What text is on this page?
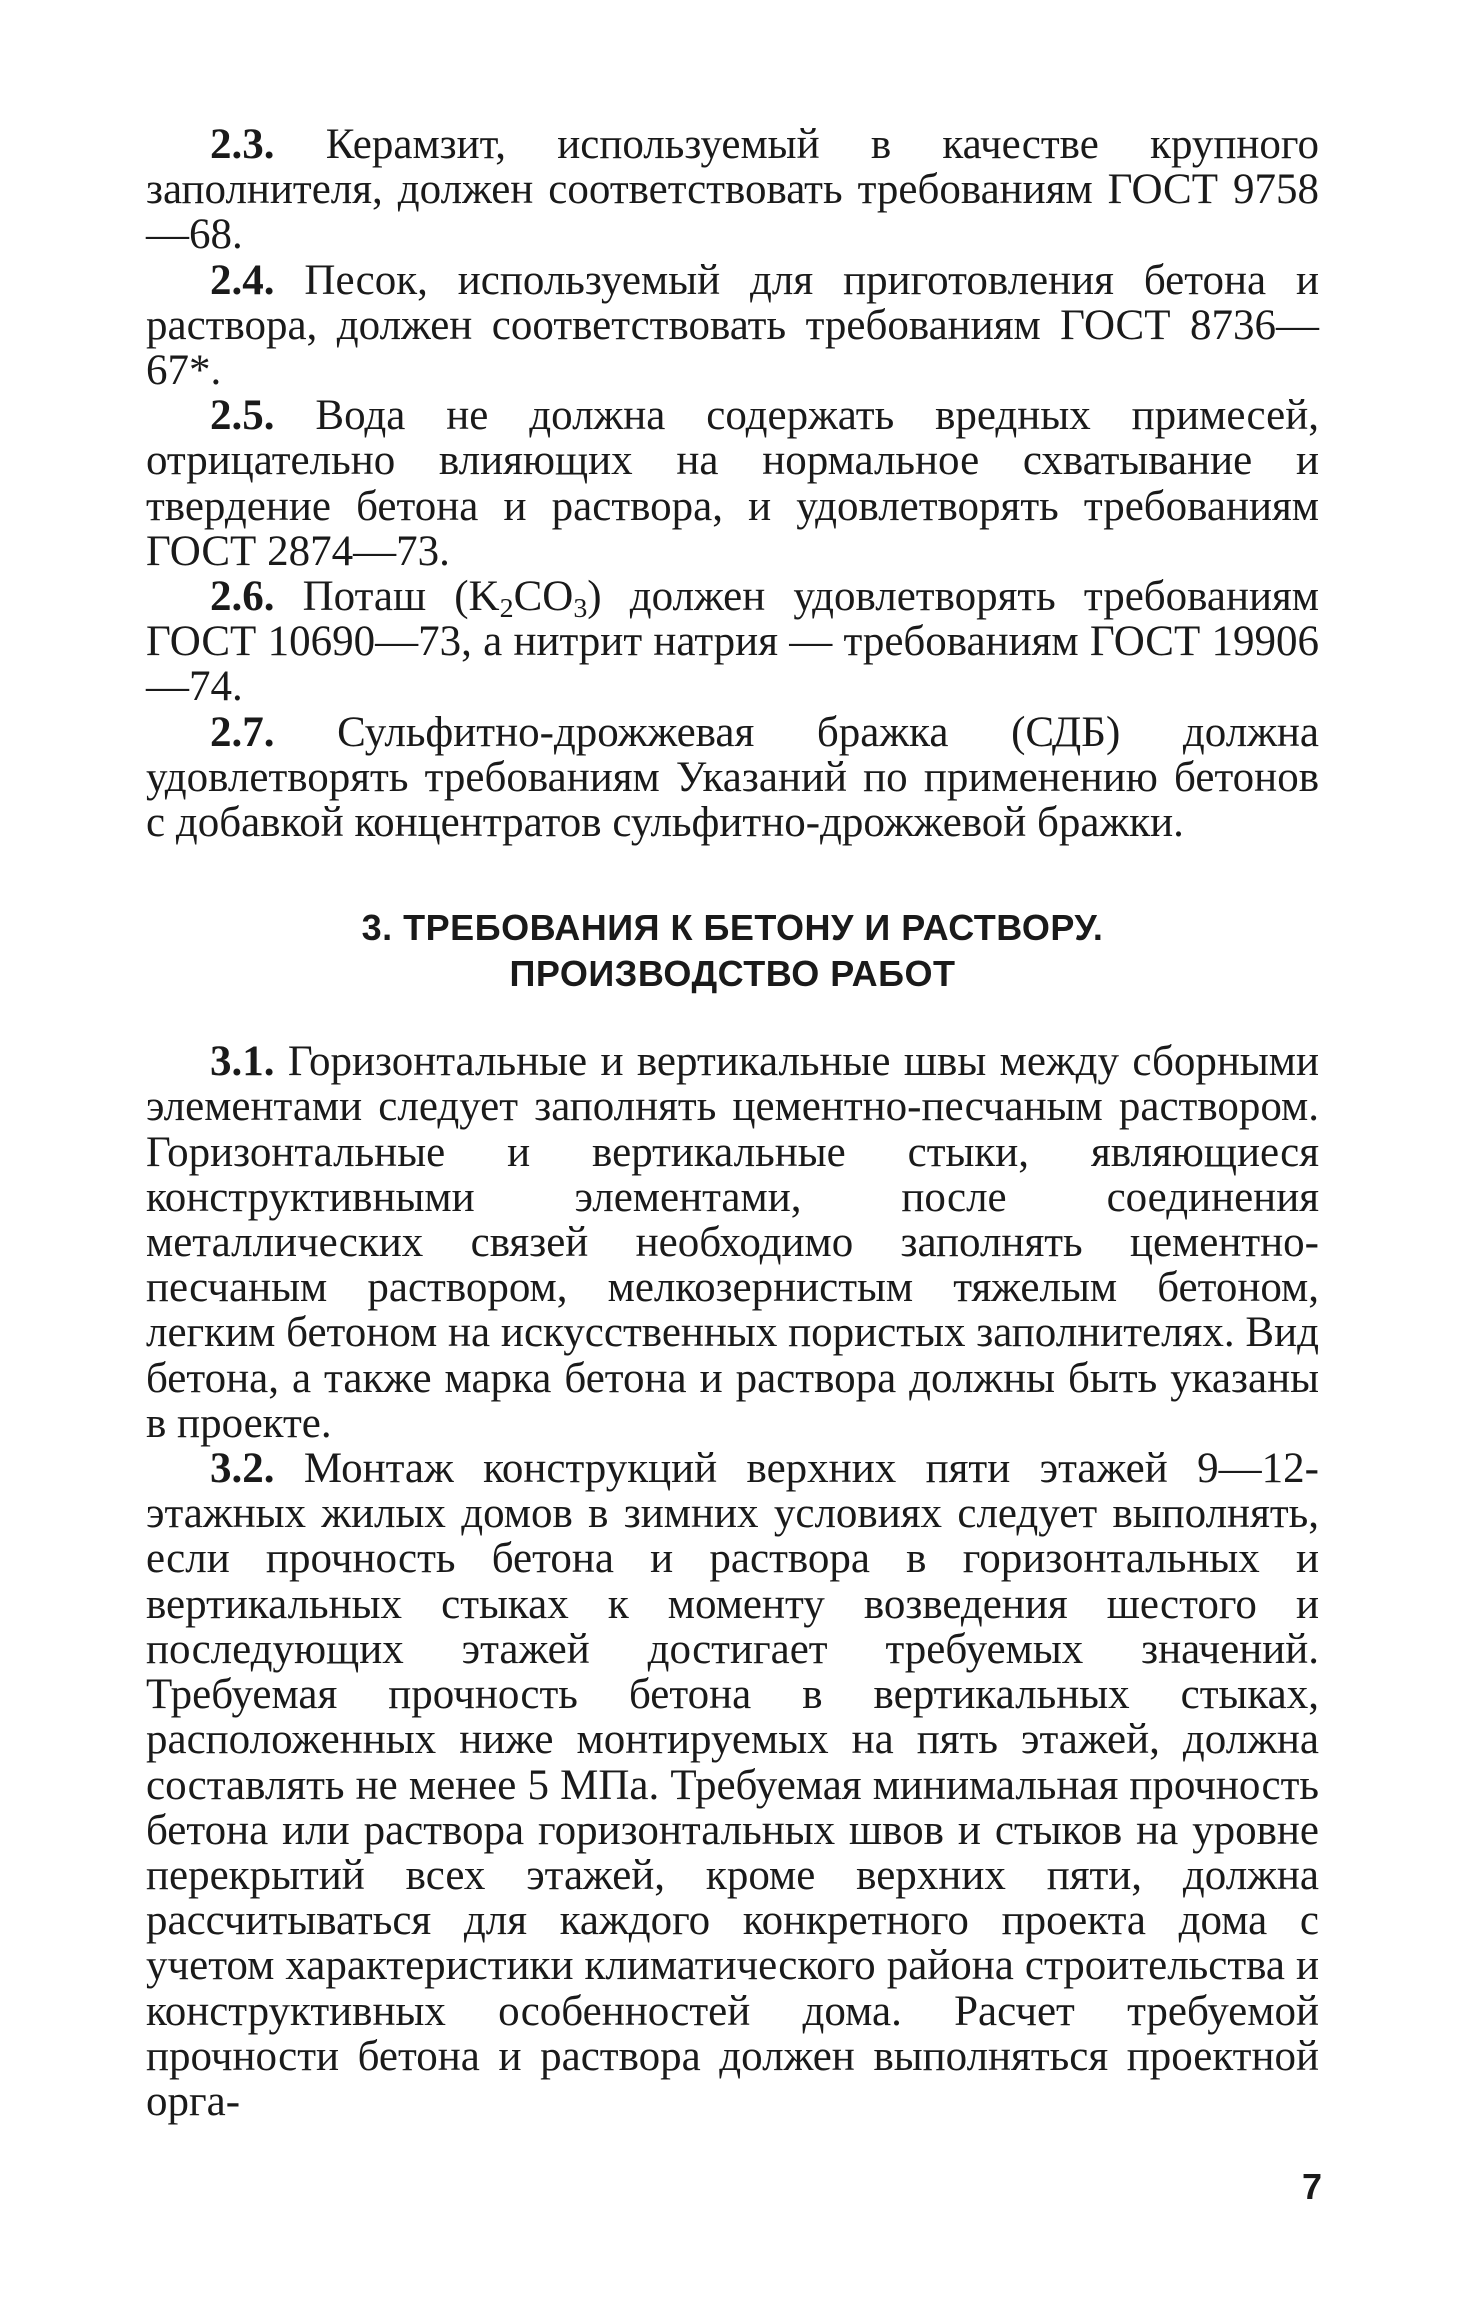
2.3. Керамзит, используемый в качестве крупного заполнителя, должен соответствовать требованиям ГОСТ 9758—68.

2.4. Песок, используемый для приготовления бетона и раствора, должен соответствовать требованиям ГОСТ 8736—67*.

2.5. Вода не должна содержать вредных примесей, отрицательно влияющих на нормальное схватывание и твердение бетона и раствора, и удовлетворять требованиям ГОСТ 2874—73.

2.6. Поташ $(K_2CO_3)$ должен удовлетворять требованиям ГОСТ 10690—73, а нитрит натрия — требованиям ГОСТ 19906—74.

2.7. Сульфитно-дрожжевая бражка (СДБ) должна удовлетворять требованиям Указаний по применению бетонов с добавкой концентратов сульфитно-дрожжевой бражки.

3. ТРЕБОВАНИЯ К БЕТОНУ И РАСТВОРУ.
ПРОИЗВОДСТВО РАБОТ

3.1. Горизонтальные и вертикальные швы между сборными элементами следует заполнять цементно-песчаным раствором. Горизонтальные и вертикальные стыки, являющиеся конструктивными элементами, после соединения металлических связей необходимо заполнять цементно-песчаным раствором, мелкозернистым тяжелым бетоном, легким бетоном на искусственных пористых заполнителях. Вид бетона, а также марка бетона и раствора должны быть указаны в проекте.

3.2. Монтаж конструкций верхних пяти этажей 9—12-этажных жилых домов в зимних условиях следует выполнять, если прочность бетона и раствора в горизонтальных и вертикальных стыках к моменту возведения шестого и последующих этажей достигает требуемых значений. Требуемая прочность бетона в вертикальных стыках, расположенных ниже монтируемых на пять этажей, должна составлять не менее 5 МПа. Требуемая минимальная прочность бетона или раствора горизонтальных швов и стыков на уровне перекрытий всех этажей, кроме верхних пяти, должна рассчитываться для каждого конкретного проекта дома с учетом характеристики климатического района строительства и конструктивных особенностей дома. Расчет требуемой прочности бетона и раствора должен выполняться проектной орга-

7
